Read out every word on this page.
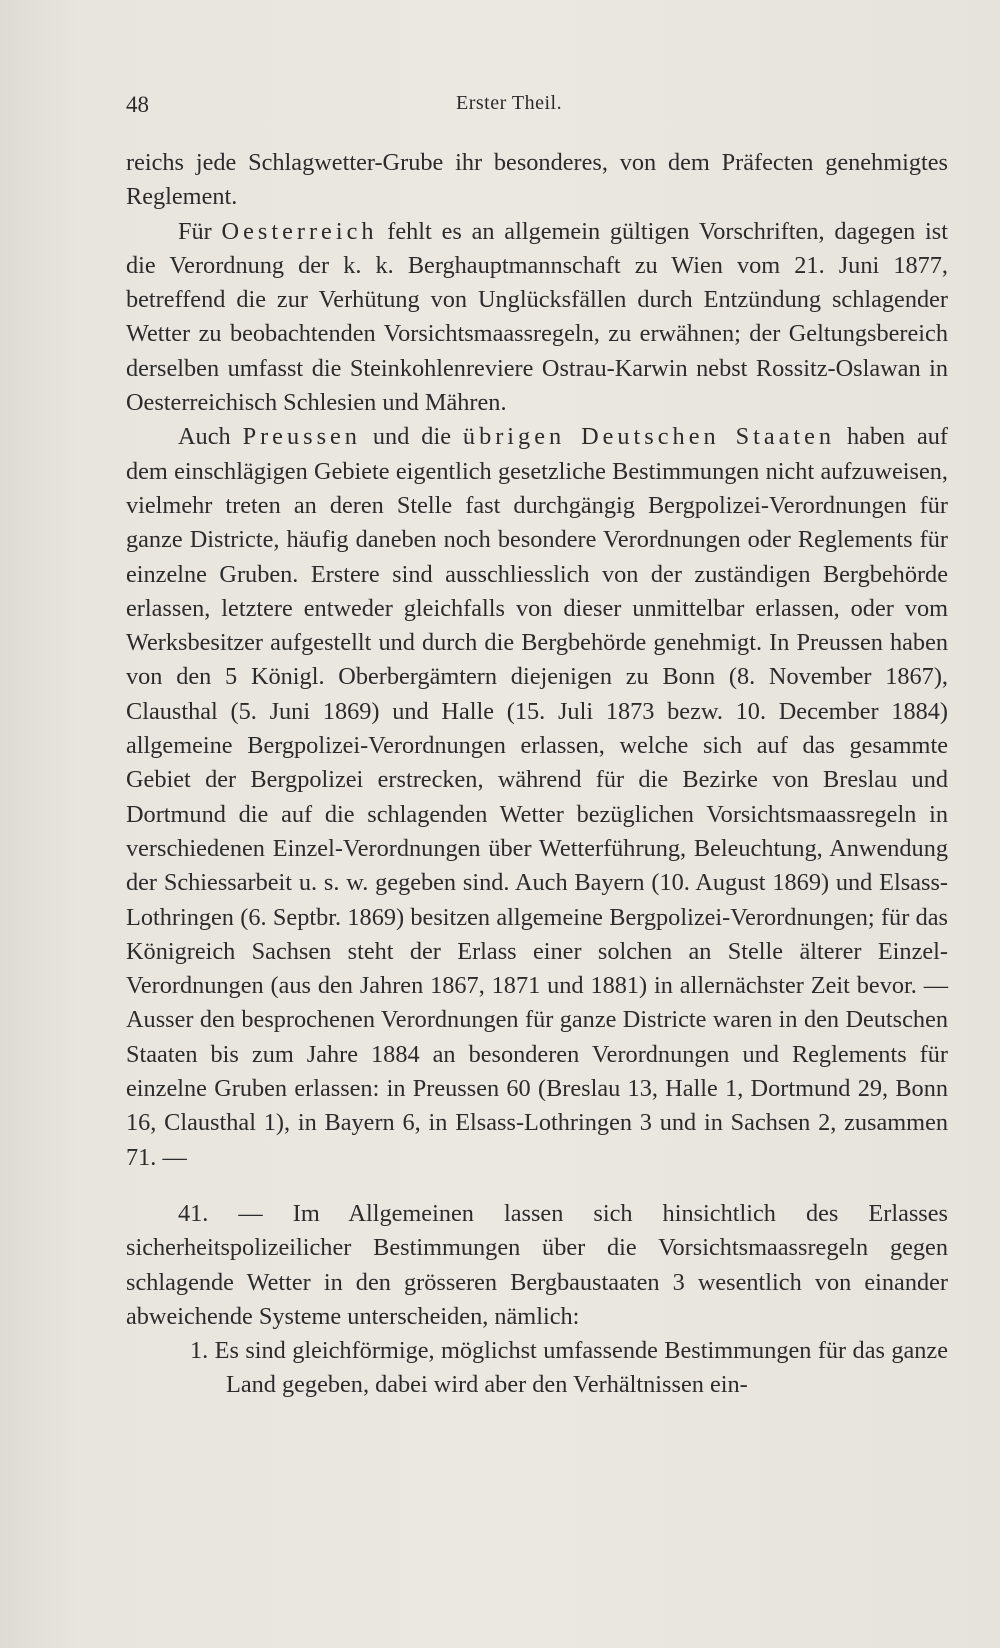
48	Erster Theil.

reichs jede Schlagwetter-Grube ihr besonderes, von dem Präfecten genehmigtes Reglement.

Für Oesterreich fehlt es an allgemein gültigen Vorschriften, dagegen ist die Verordnung der k. k. Berghauptmannschaft zu Wien vom 21. Juni 1877, betreffend die zur Verhütung von Unglücksfällen durch Entzündung schlagender Wetter zu beobachtenden Vorsichtsmaassregeln, zu erwähnen; der Geltungsbereich derselben umfasst die Steinkohlenreviere Ostrau-Karwin nebst Rossitz-Oslawan in Oesterreichisch Schlesien und Mähren.

Auch Preussen und die übrigen Deutschen Staaten haben auf dem einschlägigen Gebiete eigentlich gesetzliche Bestimmungen nicht aufzuweisen, vielmehr treten an deren Stelle fast durchgängig Bergpolizei-Verordnungen für ganze Districte, häufig daneben noch besondere Verordnungen oder Reglements für einzelne Gruben. Erstere sind ausschliesslich von der zuständigen Bergbehörde erlassen, letztere entweder gleichfalls von dieser unmittelbar erlassen, oder vom Werksbesitzer aufgestellt und durch die Bergbehörde genehmigt. In Preussen haben von den 5 Königl. Oberbergämtern diejenigen zu Bonn (8. November 1867), Clausthal (5. Juni 1869) und Halle (15. Juli 1873 bezw. 10. December 1884) allgemeine Bergpolizei-Verordnungen erlassen, welche sich auf das gesammte Gebiet der Bergpolizei erstrecken, während für die Bezirke von Breslau und Dortmund die auf die schlagenden Wetter bezüglichen Vorsichtsmaassregeln in verschiedenen Einzel-Verordnungen über Wetterführung, Beleuchtung, Anwendung der Schiessarbeit u. s. w. gegeben sind. Auch Bayern (10. August 1869) und Elsass-Lothringen (6. Septbr. 1869) besitzen allgemeine Bergpolizei-Verordnungen; für das Königreich Sachsen steht der Erlass einer solchen an Stelle älterer Einzel-Verordnungen (aus den Jahren 1867, 1871 und 1881) in allernächster Zeit bevor. — Ausser den besprochenen Verordnungen für ganze Districte waren in den Deutschen Staaten bis zum Jahre 1884 an besonderen Verordnungen und Reglements für einzelne Gruben erlassen: in Preussen 60 (Breslau 13, Halle 1, Dortmund 29, Bonn 16, Clausthal 1), in Bayern 6, in Elsass-Lothringen 3 und in Sachsen 2, zusammen 71. —

41. — Im Allgemeinen lassen sich hinsichtlich des Erlasses sicherheitspolizeilicher Bestimmungen über die Vorsichtsmaassregeln gegen schlagende Wetter in den grösseren Bergbaustaaten 3 wesentlich von einander abweichende Systeme unterscheiden, nämlich:

1. Es sind gleichförmige, möglichst umfassende Bestimmungen für das ganze Land gegeben, dabei wird aber den Verhältnissen ein-
